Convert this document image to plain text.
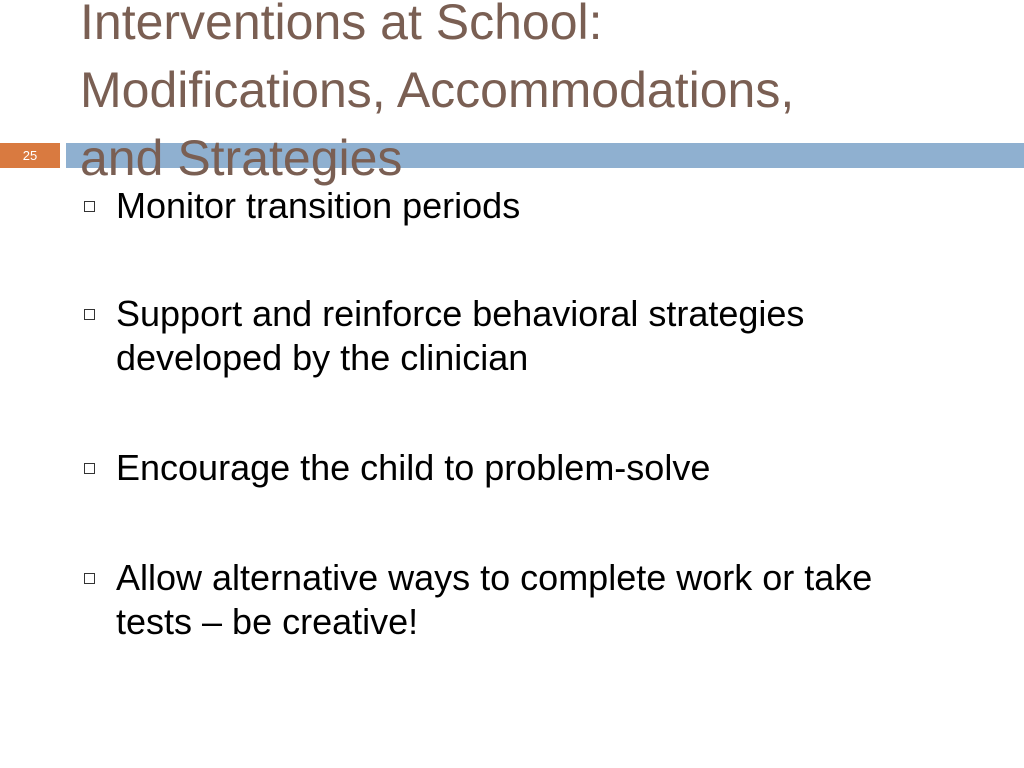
25
Interventions at School:
Modifications, Accommodations,
and Strategies
Monitor transition periods
Support and reinforce behavioral strategies developed by the clinician
Encourage the child to problem-solve
Allow alternative ways to complete work or take tests – be creative!
